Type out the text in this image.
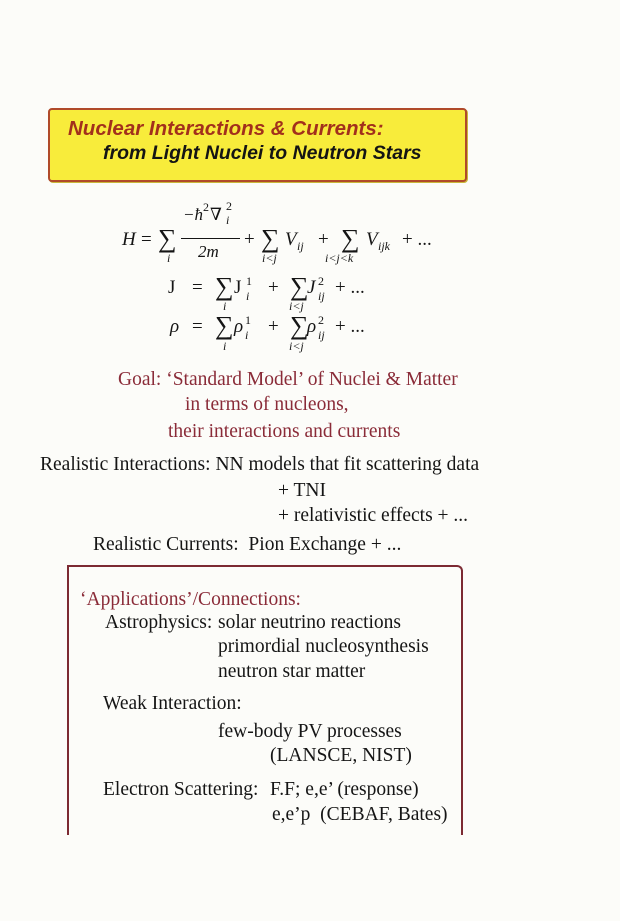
Nuclear Interactions & Currents:
from Light Nuclei to Neutron Stars
H = ∑
i
−ħ 2 ∇ 2
i
2m
+ ∑
i<j
V ij + ∑
i<j<k
V ijk + ...
J = ∑
i
J 1
i + ∑
i<j
J 2
ij + ...
ρ = ∑
i
ρ 1
i + ∑
i<j
ρ 2
ij + ...
Goal: ‘Standard Model’ of Nuclei & Matter
in terms of nucleons,
their interactions and currents
Realistic Interactions: NN models that fit scattering data
+ TNI
+ relativistic effects + ...
Realistic Currents:  Pion Exchange + ...
‘Applications’/Connections:
Astrophysics: solar neutrino reactions
primordial nucleosynthesis
neutron star matter
Weak Interaction:
few-body PV processes
(LANSCE, NIST)
Electron Scattering: F.F; e,e’ (response)
e,e’p  (CEBAF, Bates)
